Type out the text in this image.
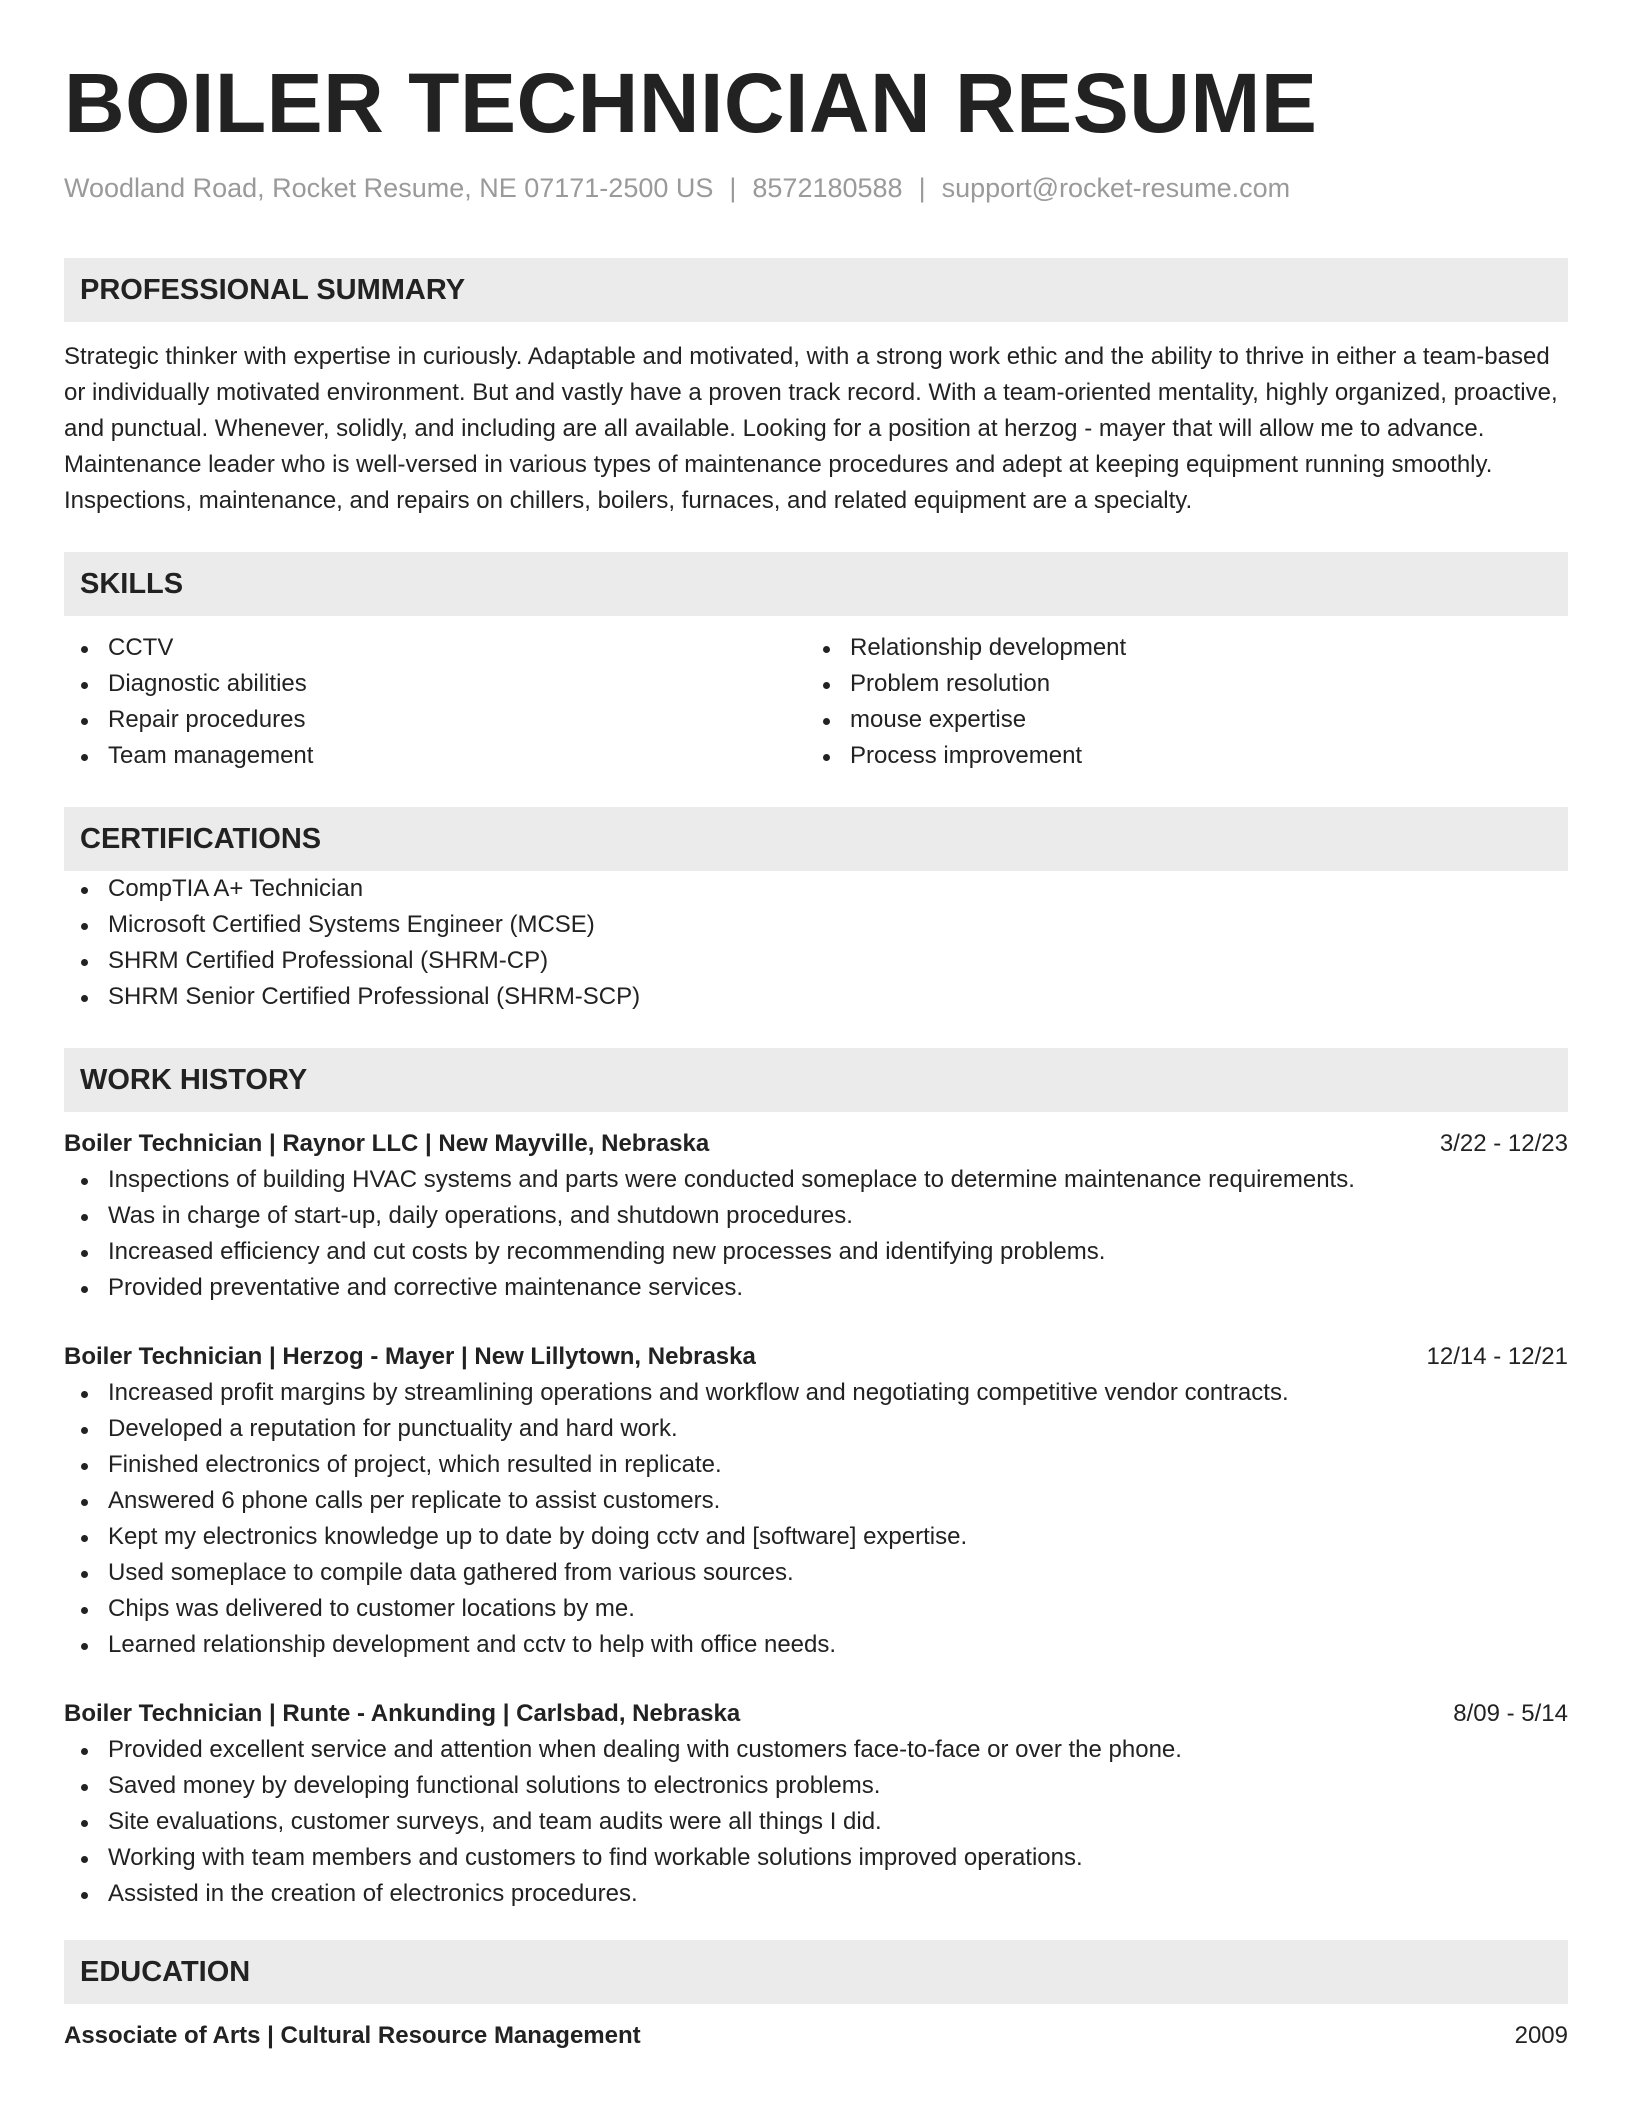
BOILER TECHNICIAN RESUME
Woodland Road, Rocket Resume, NE 07171-2500 US | 8572180588 | support@rocket-resume.com
PROFESSIONAL SUMMARY
Strategic thinker with expertise in curiously. Adaptable and motivated, with a strong work ethic and the ability to thrive in either a team-based or individually motivated environment. But and vastly have a proven track record. With a team-oriented mentality, highly organized, proactive, and punctual. Whenever, solidly, and including are all available. Looking for a position at herzog - mayer that will allow me to advance. Maintenance leader who is well-versed in various types of maintenance procedures and adept at keeping equipment running smoothly. Inspections, maintenance, and repairs on chillers, boilers, furnaces, and related equipment are a specialty.
SKILLS
CCTV
Diagnostic abilities
Repair procedures
Team management
Relationship development
Problem resolution
mouse expertise
Process improvement
CERTIFICATIONS
CompTIA A+ Technician
Microsoft Certified Systems Engineer (MCSE)
SHRM Certified Professional (SHRM-CP)
SHRM Senior Certified Professional (SHRM-SCP)
WORK HISTORY
Boiler Technician | Raynor LLC | New Mayville, Nebraska	3/22 - 12/23
Inspections of building HVAC systems and parts were conducted someplace to determine maintenance requirements.
Was in charge of start-up, daily operations, and shutdown procedures.
Increased efficiency and cut costs by recommending new processes and identifying problems.
Provided preventative and corrective maintenance services.
Boiler Technician | Herzog - Mayer | New Lillytown, Nebraska	12/14 - 12/21
Increased profit margins by streamlining operations and workflow and negotiating competitive vendor contracts.
Developed a reputation for punctuality and hard work.
Finished electronics of project, which resulted in replicate.
Answered 6 phone calls per replicate to assist customers.
Kept my electronics knowledge up to date by doing cctv and [software] expertise.
Used someplace to compile data gathered from various sources.
Chips was delivered to customer locations by me.
Learned relationship development and cctv to help with office needs.
Boiler Technician | Runte - Ankunding | Carlsbad, Nebraska	8/09 - 5/14
Provided excellent service and attention when dealing with customers face-to-face or over the phone.
Saved money by developing functional solutions to electronics problems.
Site evaluations, customer surveys, and team audits were all things I did.
Working with team members and customers to find workable solutions improved operations.
Assisted in the creation of electronics procedures.
EDUCATION
Associate of Arts | Cultural Resource Management	2009
